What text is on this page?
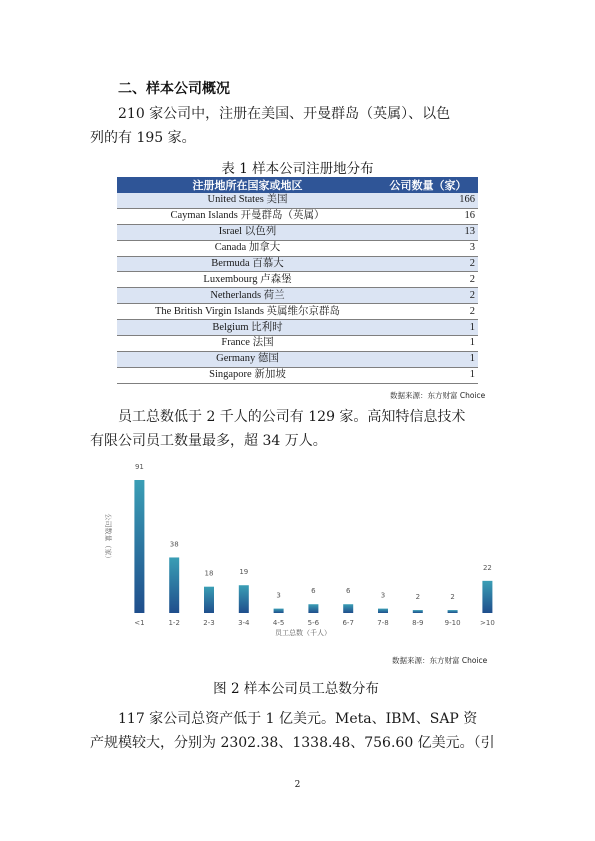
二、样本公司概况
210 家公司中，注册在美国、开曼群岛（英属）、以色
列的有 195 家。
表 1 样本公司注册地分布
注册地所在国家或地区	公司数量（家）
United States 美国	166
Cayman Islands 开曼群岛（英属）	16
Israel 以色列	13
Canada 加拿大	3
Bermuda 百慕大	2
Luxembourg 卢森堡	2
Netherlands 荷兰	2
The British Virgin Islands 英属维尔京群岛	2
Belgium 比利时	1
France 法国	1
Germany 德国	1
Singapore 新加坡	1
数据来源：东方财富 Choice
员工总数低于 2 千人的公司有 129 家。高知特信息技术
有限公司员工数量最多，超 34 万人。
91
<1
38
1-2
18
2-3
19
3-4
3
4-5
6
5-6
6
6-7
3
7-8
2
8-9
2
9-10
22
>10
公司数量（家）
员工总数（千人）
数据来源：东方财富 Choice
图 2 样本公司员工总数分布
117 家公司总资产低于 1 亿美元。Meta、IBM、SAP 资
产规模较大，分别为 2302.38、1338.48、756.60 亿美元。（引
2
